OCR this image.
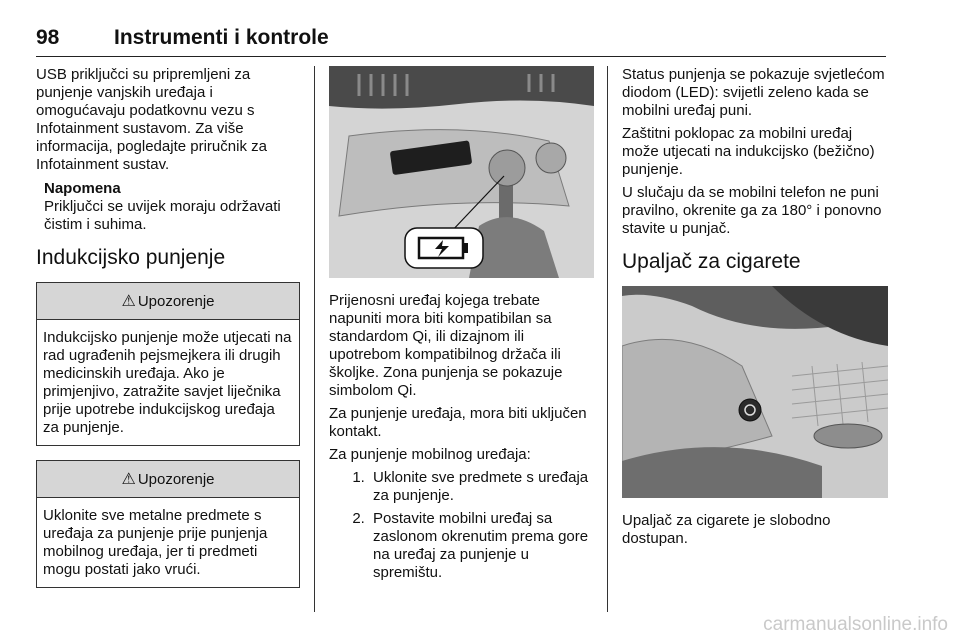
98	Instrumenti i kontrole

USB priključci su pripremljeni za punjenje vanjskih uređaja i omogućavaju podatkovnu vezu s Infotainment sustavom. Za više informacija, pogledajte priručnik za Infotainment sustav.

Napomena
Priključci se uvijek moraju održavati čistim i suhima.
Indukcijsko punjenje
⚠ Upozorenje
Indukcijsko punjenje može utjecati na rad ugrađenih pejsmejkera ili drugih medicinskih uređaja. Ako je primjenjivo, zatražite savjet liječnika prije upotrebe indukcijskog uređaja za punjenje.
⚠ Upozorenje
Uklonite sve metalne predmete s uređaja za punjenje prije punjenja mobilnog uređaja, jer ti predmeti mogu postati jako vrući.

Prijenosni uređaj kojega trebate napuniti mora biti kompatibilan sa standardom Qi, ili dizajnom ili upotrebom kompatibilnog držača ili školjke. Zona punjenja se pokazuje simbolom Qi.

Za punjenje uređaja, mora biti uključen kontakt.

Za punjenje mobilnog uređaja:

1. Uklonite sve predmete s uređaja za punjenje.
2. Postavite mobilni uređaj sa zaslonom okrenutim prema gore na uređaj za punjenje u spremištu.

Status punjenja se pokazuje svjetlećom diodom (LED): svijetli zeleno kada se mobilni uređaj puni.

Zaštitni poklopac za mobilni uređaj može utjecati na indukcijsko (bežično) punjenje.

U slučaju da se mobilni telefon ne puni pravilno, okrenite ga za 180° i ponovno stavite u punjač.

Upaljač za cigarete

Upaljač za cigarete je slobodno dostupan.

carmanualsonline.info
